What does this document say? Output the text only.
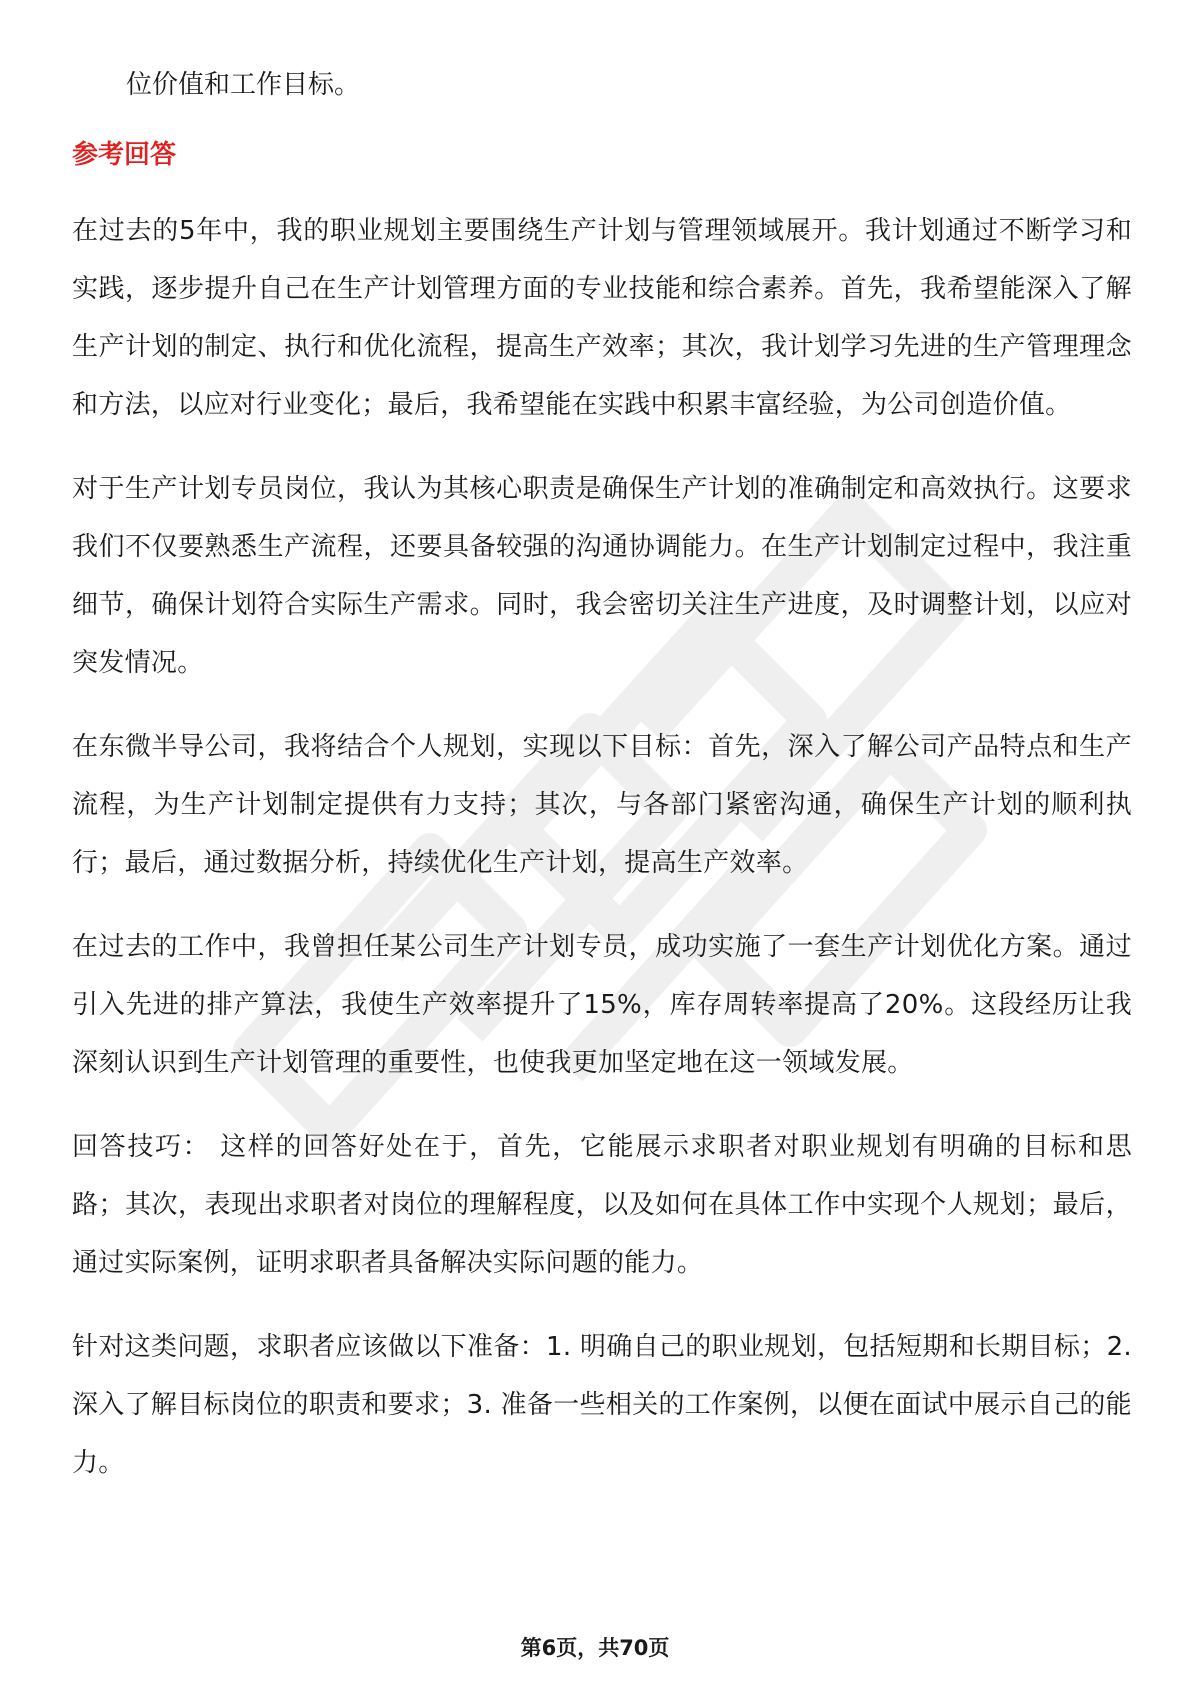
位价值和工作目标。

参考回答

在过去的5年中，我的职业规划主要围绕生产计划与管理领域展开。我计划通过不断学习和实践，逐步提升自己在生产计划管理方面的专业技能和综合素养。首先，我希望能深入了解生产计划的制定、执行和优化流程，提高生产效率；其次，我计划学习先进的生产管理理念和方法，以应对行业变化；最后，我希望能在实践中积累丰富经验，为公司创造价值。

对于生产计划专员岗位，我认为其核心职责是确保生产计划的准确制定和高效执行。这要求我们不仅要熟悉生产流程，还要具备较强的沟通协调能力。在生产计划制定过程中，我注重细节，确保计划符合实际生产需求。同时，我会密切关注生产进度，及时调整计划，以应对突发情况。

在东微半导公司，我将结合个人规划，实现以下目标：首先，深入了解公司产品特点和生产流程，为生产计划制定提供有力支持；其次，与各部门紧密沟通，确保生产计划的顺利执行；最后，通过数据分析，持续优化生产计划，提高生产效率。

在过去的工作中，我曾担任某公司生产计划专员，成功实施了一套生产计划优化方案。通过引入先进的排产算法，我使生产效率提升了15%，库存周转率提高了20%。这段经历让我深刻认识到生产计划管理的重要性，也使我更加坚定地在这一领域发展。

回答技巧： 这样的回答好处在于，首先，它能展示求职者对职业规划有明确的目标和思路；其次，表现出求职者对岗位的理解程度，以及如何在具体工作中实现个人规划；最后，通过实际案例，证明求职者具备解决实际问题的能力。

针对这类问题，求职者应该做以下准备：1. 明确自己的职业规划，包括短期和长期目标；2. 深入了解目标岗位的职责和要求；3. 准备一些相关的工作案例，以便在面试中展示自己的能力。

第6页，共70页
